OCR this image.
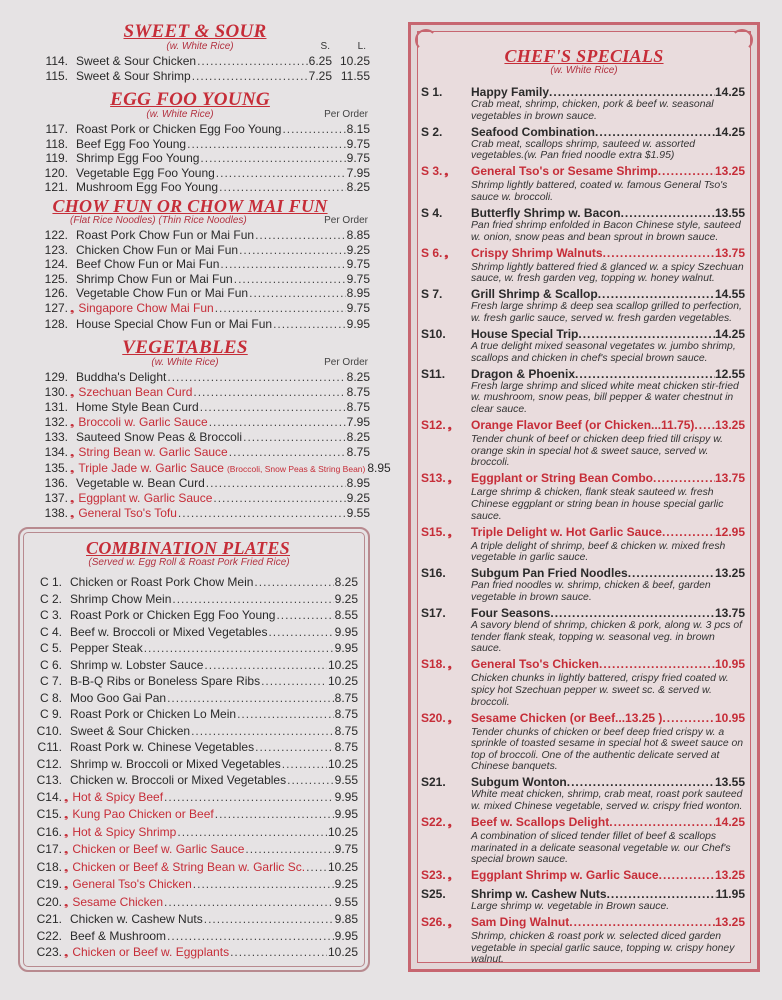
SWEET & SOUR
(w. White Rice)	S.	L.
114. Sweet & Sour Chicken .....	6.25 10.25
115. Sweet & Sour Shrimp .....	7.25 11.55
EGG FOO YOUNG
(w. White Rice)	Per Order
117. Roast Pork or Chicken Egg Foo Young .....	8.15
118. Beef Egg Foo Young .....	9.75
119. Shrimp Egg Foo Young .....	9.75
120. Vegetable Egg Foo Young .....	7.95
121. Mushroom Egg Foo Young .....	8.25
CHOW FUN OR CHOW MAI FUN
(Flat Rice Noodles) (Thin Rice Noodles)	Per Order
122. Roast Pork Chow Fun or Mai Fun .....	8.85
123. Chicken Chow Fun or Mai Fun .....	9.25
124. Beef Chow Fun or Mai Fun .....	9.75
125. Shrimp Chow Fun or Mai Fun .....	9.75
126. Vegetable Chow Fun or Mai Fun .....	8.95
127. ❟ Singapore Chow Mai Fun .....	9.75
128. House Special Chow Fun or Mai Fun .....	9.95
VEGETABLES
(w. White Rice)	Per Order
129. Buddha's Delight .....	8.25
130. ❟ Szechuan Bean Curd .....	8.75
131. Home Style Bean Curd .....	8.75
132. ❟ Broccoli w. Garlic Sauce .....	7.95
133. Sauteed Snow Peas & Broccoli .....	8.25
134. ❟ String Bean w. Garlic Sauce .....	8.75
135. ❟ Triple Jade w. Garlic Sauce (Broccoli, Snow Peas & String Bean) 8.95
136. Vegetable w. Bean Curd .....	8.95
137. ❟ Eggplant w. Garlic Sauce .....	9.25
138. ❟ General Tso's Tofu .....	9.55
COMBINATION PLATES
(Served w. Egg Roll & Roast Pork Fried Rice)
C 1. Chicken or Roast Pork Chow Mein .....	8.25
C 2. Shrimp Chow Mein .....	9.25
C 3. Roast Pork or Chicken Egg Foo Young .....	8.55
C 4. Beef w. Broccoli or Mixed Vegetables .....	9.95
C 5. Pepper Steak .....	9.95
C 6. Shrimp w. Lobster Sauce .....	10.25
C 7. B-B-Q Ribs or Boneless Spare Ribs .....	10.25
C 8. Moo Goo Gai Pan .....	8.75
C 9. Roast Pork or Chicken Lo Mein .....	8.75
C10. Sweet & Sour Chicken .....	8.75
C11. Roast Pork w. Chinese Vegetables .....	8.75
C12. Shrimp w. Broccoli or Mixed Vegetables .....	10.25
C13. Chicken w. Broccoli or Mixed Vegetables .....	9.55
C14. ❟ Hot & Spicy Beef .....	9.95
C15. ❟ Kung Pao Chicken or Beef .....	9.95
C16. ❟ Hot & Spicy Shrimp .....	10.25
C17. ❟ Chicken or Beef w. Garlic Sauce .....	9.75
C18. ❟ Chicken or Beef & String Bean w. Garlic Sc. ..... 10.25
C19. ❟ General Tso's Chicken .....	9.25
C20. ❟ Sesame Chicken .....	9.55
C21. Chicken w. Cashew Nuts .....	9.85
C22. Beef & Mushroom .....	9.95
C23. ❟ Chicken or Beef w. Eggplants .....	10.25
CHEF'S SPECIALS
(w. White Rice)
S 1.	Happy Family .....	14.25
Crab meat, shrimp, chicken, pork & beef w. seasonal vegetables in brown sauce.
S 2.	Seafood Combination .....	14.25
Crab meat, scallops shrimp, sauteed w. assorted vegetables.(w. Pan fried noodle extra $1.95)
S 3. ❟	General Tso's or Sesame Shrimp .....	13.25
Shrimp lightly battered, coated w. famous General Tso's sauce w. broccoli.
S 4.	Butterfly Shrimp w. Bacon .....	13.55
Pan fried shrimp enfolded in Bacon Chinese style, sauteed w. onion, snow peas and bean sprout in brown sauce.
S 6. ❟	Crispy Shrimp Walnuts .....	13.75
Shrimp lightly battered fried & glanced w. a spicy Szechuan sauce, w. fresh garden veg, topping w. honey walnut.
S 7.	Grill Shrimp & Scallop .....	14.55
Fresh large shrimp & deep sea scallop grilled to perfection, w. fresh garlic sauce, served w. fresh garden vegetables.
S10.	House Special Trip .....	14.25
A true delight mixed seasonal vegetates w. jumbo shrimp, scallops and chicken in chef's special brown sauce.
S11.	Dragon & Phoenix .....	12.55
Fresh large shrimp and sliced white meat chicken stir-fried w. mushroom, snow peas, bill pepper & water chestnut in clear sauce.
S12. ❟	Orange Flavor Beef (or Chicken...11.75) ..... 13.25
Tender chunk of beef or chicken deep fried till crispy w. orange skin in special hot & sweet sauce, served w. broccoli.
S13. ❟	Eggplant or String Bean Combo .....	13.75
Large shrimp & chicken, flank steak sauteed w. fresh Chinese eggplant or string bean in house special garlic sauce.
S15. ❟	Triple Delight w. Hot Garlic Sauce .....	12.95
A triple delight of shrimp, beef & chicken w. mixed fresh vegetable in garlic sauce.
S16.	Subgum Pan Fried Noodles .....	13.25
Pan fried noodles w. shrimp, chicken & beef, garden vegetable in brown sauce.
S17.	Four Seasons .....	13.75
A savory blend of shrimp, chicken & pork, along w. 3 pcs of tender flank steak, topping w. seasonal veg. in brown sauce.
S18. ❟	General Tso's Chicken .....	10.95
Chicken chunks in lightly battered, crispy fried coated w. spicy hot Szechuan pepper w. sweet sc. & served w. broccoli.
S20. ❟	Sesame Chicken (or Beef...13.25 ) .....	10.95
Tender chunks of chicken or beef deep fried crispy w. a sprinkle of toasted sesame in special hot & sweet sauce on top of broccoli. One of the authentic delicate served at Chinese banquets.
S21.	Subgum Wonton .....	13.55
White meat chicken, shrimp, crab meat, roast pork sauteed w. mixed Chinese vegetable, served w. crispy fried wonton.
S22. ❟	Beef w. Scallops Delight .....	14.25
A combination of sliced tender fillet of beef & scallops marinated in a delicate seasonal vegetable w. our Chef's special brown sauce.
S23. ❟	Eggplant Shrimp w. Garlic Sauce .....	13.25
S25.	Shrimp w. Cashew Nuts .....	11.95
Large shrimp w. vegetable in Brown sauce.
S26. ❟	Sam Ding Walnut .....	13.25
Shrimp, chicken & roast pork w. selected diced garden vegetable in special garlic sauce, topping w. crispy honey walnut.
